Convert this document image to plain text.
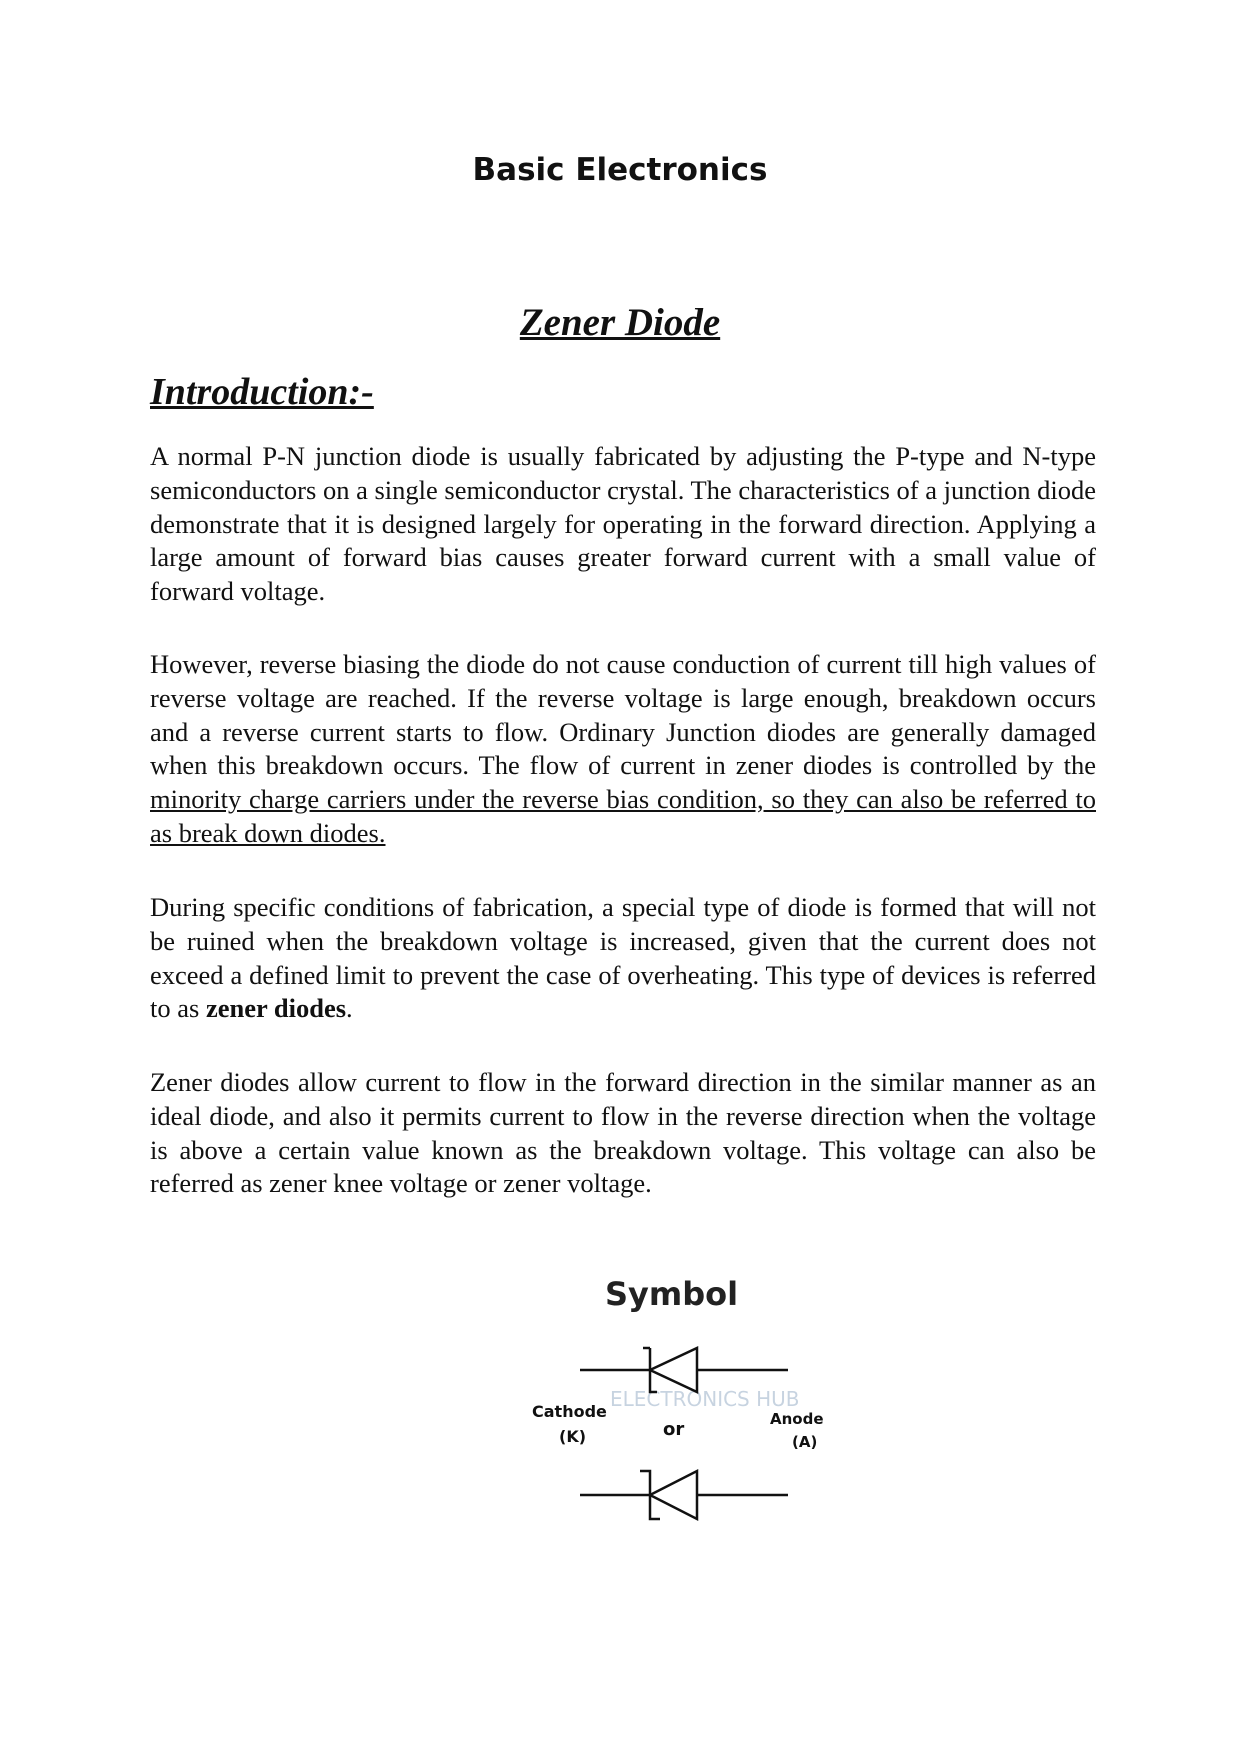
Basic Electronics
Zener Diode
Introduction:-

A normal P-N junction diode is usually fabricated by adjusting the P-type and N-type semiconductors on a single semiconductor crystal. The characteristics of a junction diode demonstrate that it is designed largely for operating in the forward direction. Applying a large amount of forward bias causes greater forward current with a small value of forward voltage.

However, reverse biasing the diode do not cause conduction of current till high values of reverse voltage are reached. If the reverse voltage is large enough, breakdown occurs and a reverse current starts to flow. Ordinary Junction diodes are generally damaged when this breakdown occurs. The flow of current in zener diodes is controlled by the minority charge carriers under the reverse bias condition, so they can also be referred to as break down diodes.

During specific conditions of fabrication, a special type of diode is formed that will not be ruined when the breakdown voltage is increased, given that the current does not exceed a defined limit to prevent the case of overheating. This type of devices is referred to as zener diodes.

Zener diodes allow current to flow in the forward direction in the similar manner as an ideal diode, and also it permits current to flow in the reverse direction when the voltage is above a certain value known as the breakdown voltage. This voltage can also be referred as zener knee voltage or zener voltage.

Symbol
ELECTRONICS HUB
Cathode
(K)	or	Anode
(A)
